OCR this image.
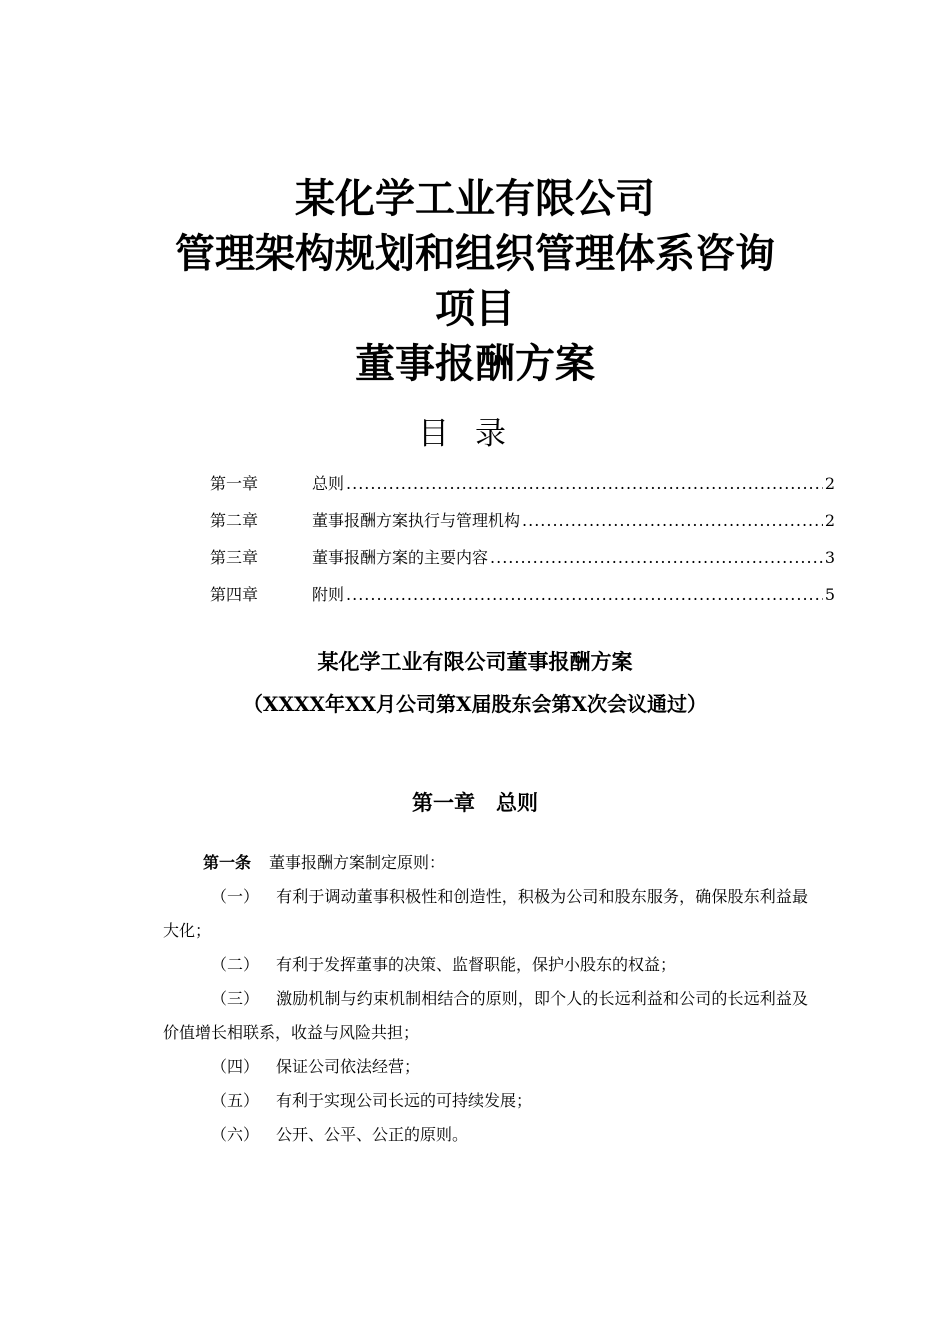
某化学工业有限公司
管理架构规划和组织管理体系咨询
项目
董事报酬方案
目录
第一章	总则 .....	2
第二章	董事报酬方案执行与管理机构 .....	2
第三章	董事报酬方案的主要内容 .....	3
第四章	附则 .....	5
某化学工业有限公司董事报酬方案
（XXXX年XX月公司第X届股东会第X次会议通过）
第一章　总则
第一条 董事报酬方案制定原则：
（一） 有利于调动董事积极性和创造性，积极为公司和股东服务，确保股东利益最大化；
（二） 有利于发挥董事的决策、监督职能，保护小股东的权益；
（三） 激励机制与约束机制相结合的原则，即个人的长远利益和公司的长远利益及价值增长相联系，收益与风险共担；
（四） 保证公司依法经营；
（五） 有利于实现公司长远的可持续发展；
（六） 公开、公平、公正的原则。
